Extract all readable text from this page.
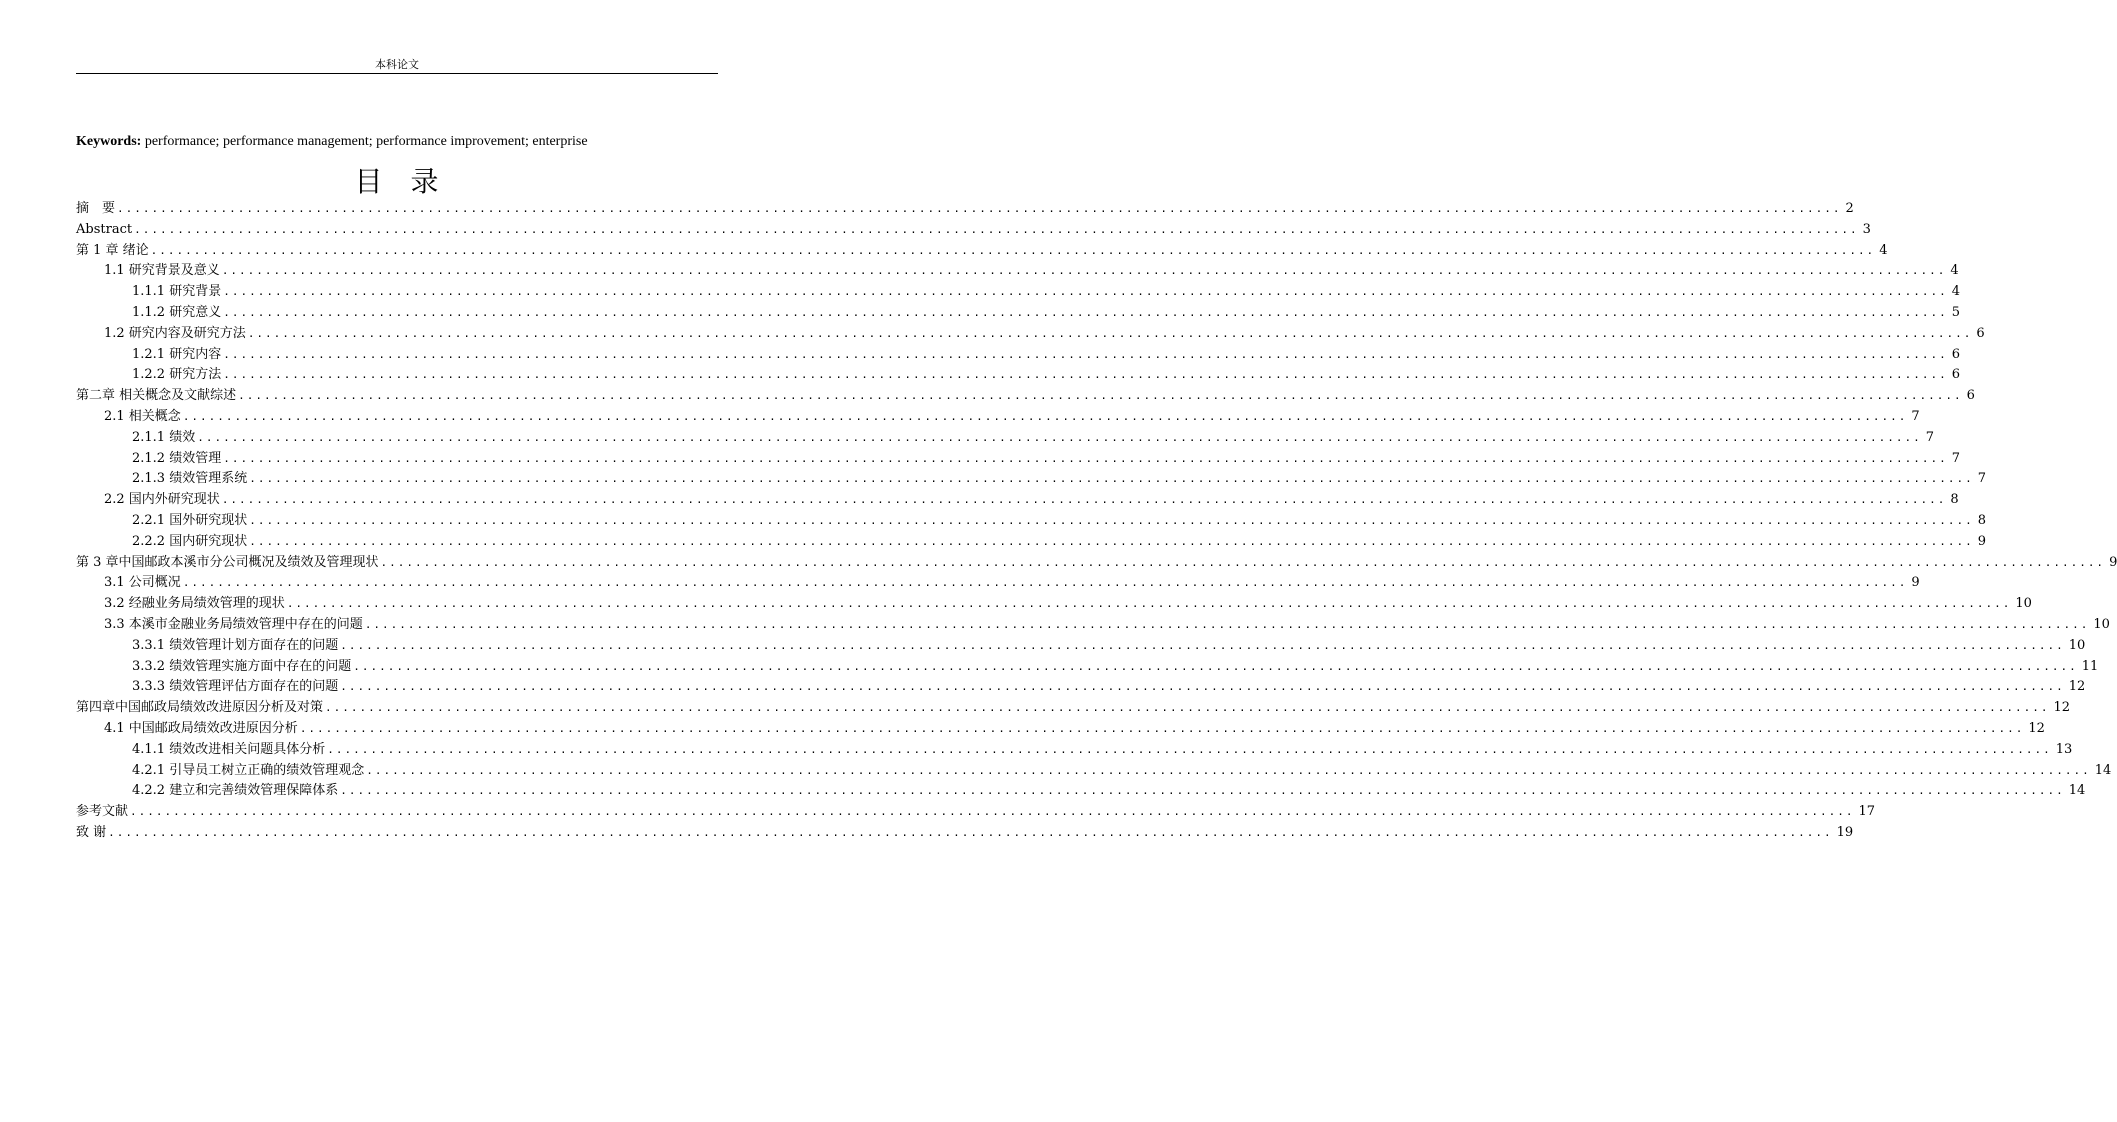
本科论文
Keywords: performance; performance management; performance improvement; enterprise
目录
摘　要 ........................................................................................................................................................................................................ 2
Abstract ........................................................................................................................................................................................................ 3
第 1 章 绪论 ........................................................................................................................................................................................................ 4
1.1 研究背景及意义 ........................................................................................................................................................................................................ 4
1.1.1 研究背景 ........................................................................................................................................................................................................ 4
1.1.2 研究意义 ........................................................................................................................................................................................................ 5
1.2 研究内容及研究方法 ........................................................................................................................................................................................................ 6
1.2.1 研究内容 ........................................................................................................................................................................................................ 6
1.2.2 研究方法 ........................................................................................................................................................................................................ 6
第二章 相关概念及文献综述 ........................................................................................................................................................................................................ 6
2.1 相关概念 ........................................................................................................................................................................................................ 7
2.1.1 绩效 ........................................................................................................................................................................................................ 7
2.1.2 绩效管理 ........................................................................................................................................................................................................ 7
2.1.3 绩效管理系统 ........................................................................................................................................................................................................ 7
2.2 国内外研究现状 ........................................................................................................................................................................................................ 8
2.2.1 国外研究现状 ........................................................................................................................................................................................................ 8
2.2.2 国内研究现状 ........................................................................................................................................................................................................ 9
第 3 章中国邮政本溪市分公司概况及绩效及管理现状 ........................................................................................................................................................................................................ 9
3.1 公司概况 ........................................................................................................................................................................................................ 9
3.2 经融业务局绩效管理的现状 ........................................................................................................................................................................................................ 10
3.3 本溪市金融业务局绩效管理中存在的问题 ........................................................................................................................................................................................................ 10
3.3.1 绩效管理计划方面存在的问题 ........................................................................................................................................................................................................ 10
3.3.2 绩效管理实施方面中存在的问题 ........................................................................................................................................................................................................ 11
3.3.3 绩效管理评估方面存在的问题 ........................................................................................................................................................................................................ 12
第四章中国邮政局绩效改进原因分析及对策 ........................................................................................................................................................................................................ 12
4.1 中国邮政局绩效改进原因分析 ........................................................................................................................................................................................................ 12
4.1.1 绩效改进相关问题具体分析 ........................................................................................................................................................................................................ 13
4.2.1 引导员工树立正确的绩效管理观念 ........................................................................................................................................................................................................ 14
4.2.2 建立和完善绩效管理保障体系 ........................................................................................................................................................................................................ 14
参考文献 ........................................................................................................................................................................................................ 17
致 谢 ........................................................................................................................................................................................................ 19
